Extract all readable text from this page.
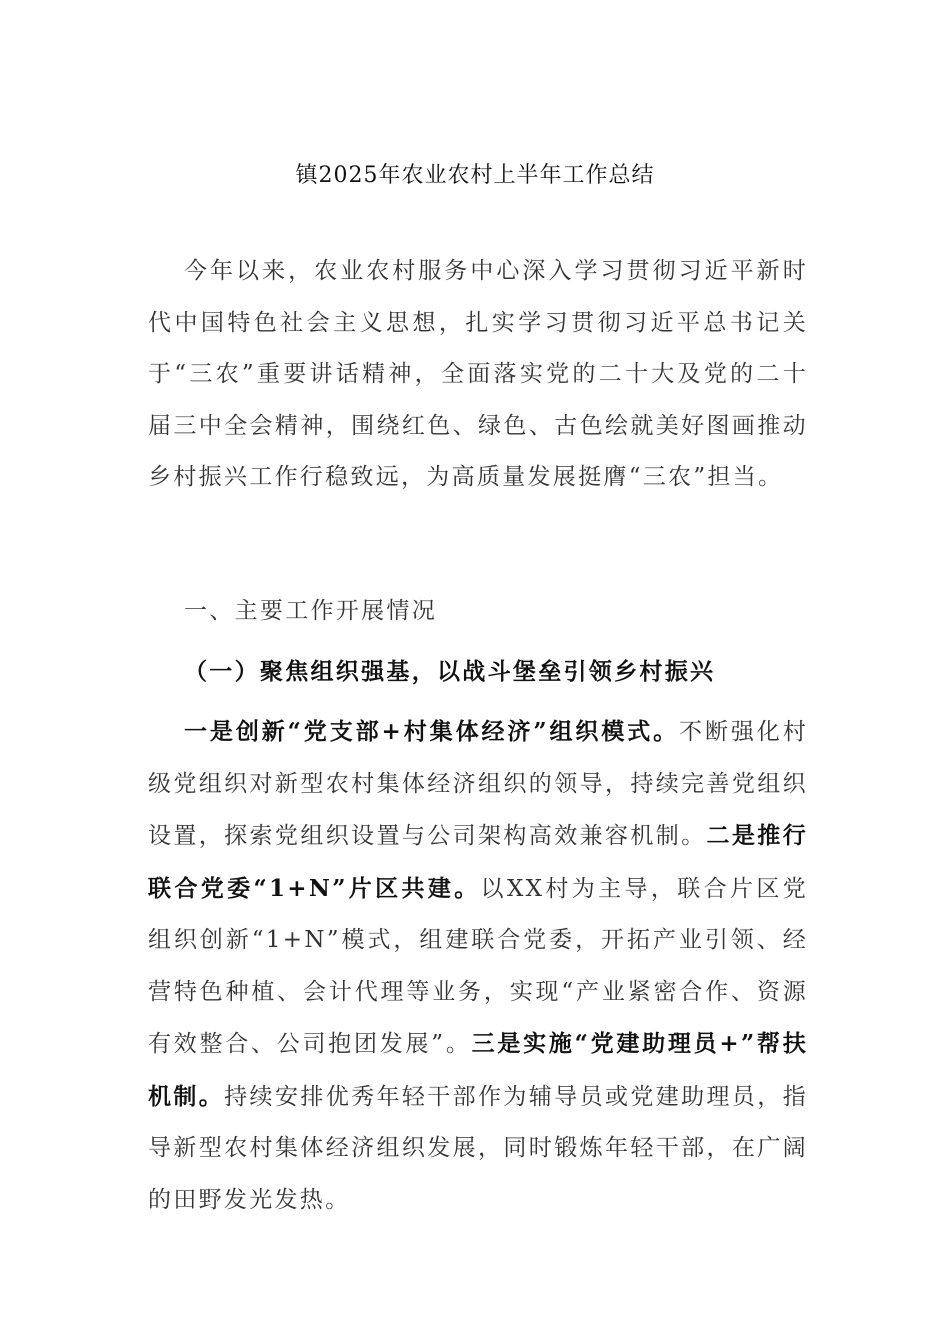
镇2025年农业农村上半年工作总结

今年以来，农业农村服务中心深入学习贯彻习近平新时代中国特色社会主义思想，扎实学习贯彻习近平总书记关于“三农”重要讲话精神，全面落实党的二十大及党的二十届三中全会精神，围绕红色、绿色、古色绘就美好图画推动乡村振兴工作行稳致远，为高质量发展挺膺“三农”担当。

一、主要工作开展情况

（一）聚焦组织强基，以战斗堡垒引领乡村振兴

一是创新“党支部+村集体经济”组织模式。不断强化村级党组织对新型农村集体经济组织的领导，持续完善党组织设置，探索党组织设置与公司架构高效兼容机制。二是推行联合党委“1+N”片区共建。以XX村为主导，联合片区党组织创新“1+N”模式，组建联合党委，开拓产业引领、经营特色种植、会计代理等业务，实现“产业紧密合作、资源有效整合、公司抱团发展”。三是实施“党建助理员+”帮扶机制。持续安排优秀年轻干部作为辅导员或党建助理员，指导新型农村集体经济组织发展，同时锻炼年轻干部，在广阔的田野发光发热。
